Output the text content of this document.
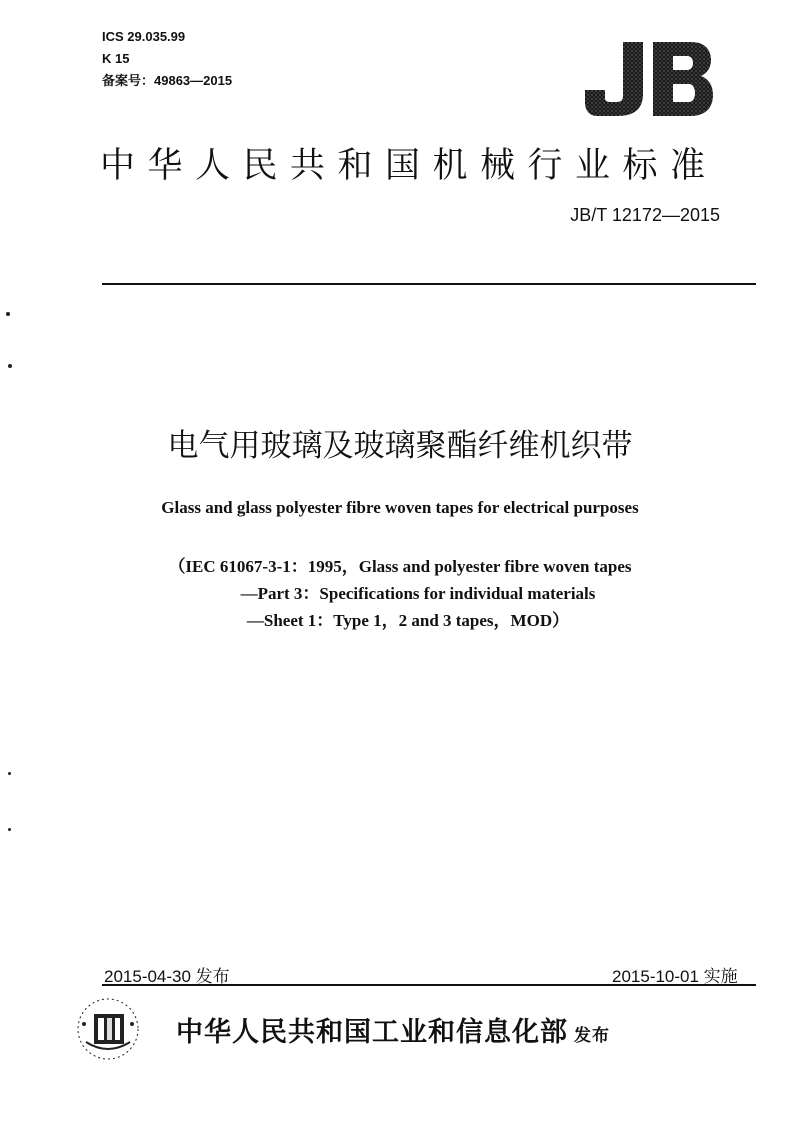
ICS 29.035.99
K 15
备案号：49863—2015
中华人民共和国机械行业标准
JB/T 12172—2015
电气用玻璃及玻璃聚酯纤维机织带
Glass and glass polyester fibre woven tapes for electrical purposes
（IEC 61067-3-1：1995，Glass and polyester fibre woven tapes
—Part 3：Specifications for individual materials
—Sheet 1：Type 1，2 and 3 tapes，MOD）
2015-04-30 发布	2015-10-01 实施
中华人民共和国工业和信息化部 发布
